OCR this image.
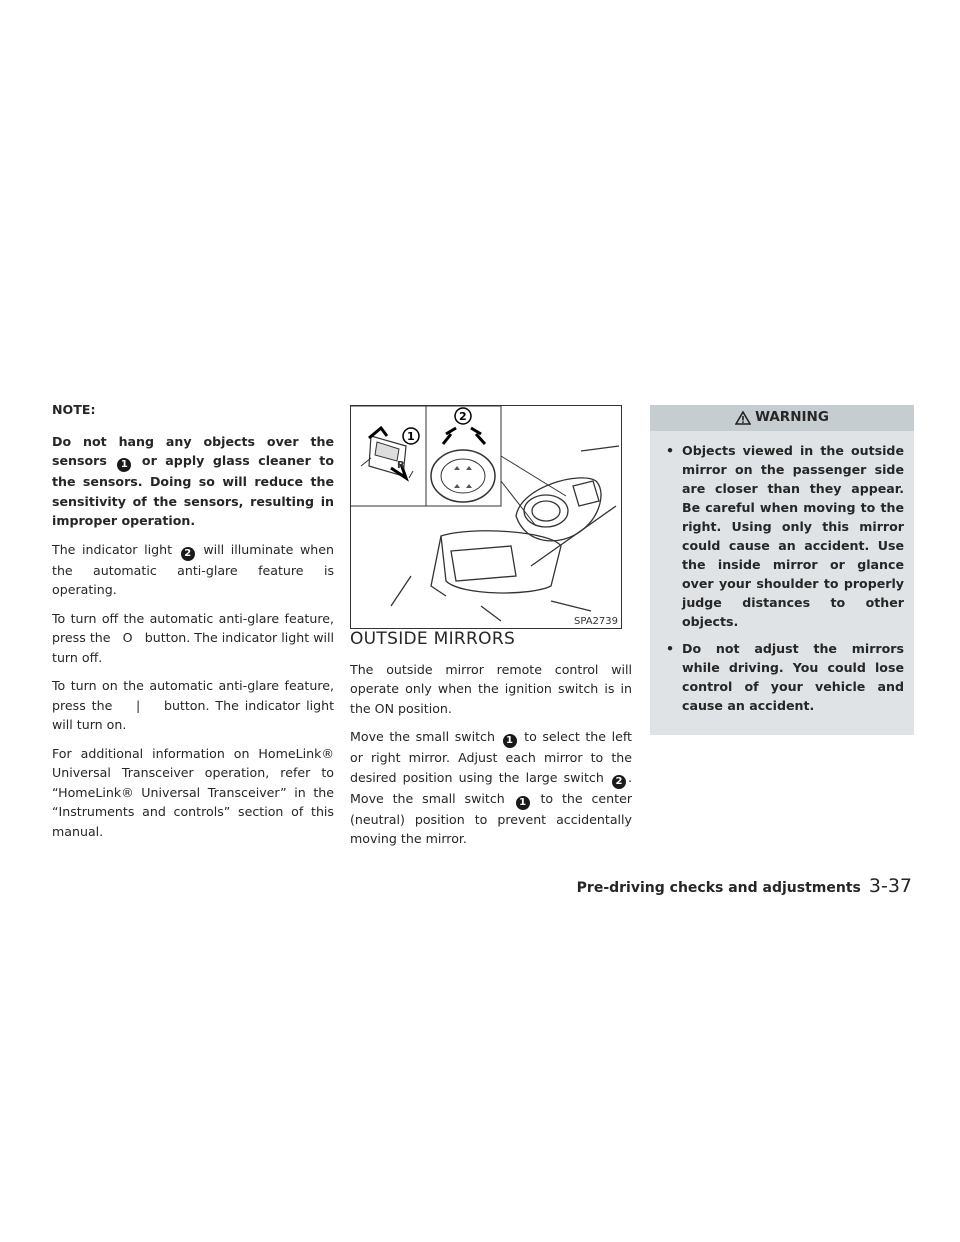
NOTE:

Do not hang any objects over the sensors 1 or apply glass cleaner to the sensors. Doing so will reduce the sensitivity of the sensors, resulting in improper operation.

The indicator light 2 will illuminate when the automatic anti-glare feature is operating.

To turn off the automatic anti-glare feature, press the O button. The indicator light will turn off.

To turn on the automatic anti-glare feature, press the | button. The indicator light will turn on.

For additional information on HomeLink® Universal Transceiver operation, refer to “HomeLink® Universal Transceiver” in the “Instruments and controls” section of this manual.

R
1
2
SPA2739
OUTSIDE MIRRORS

The outside mirror remote control will operate only when the ignition switch is in the ON position.

Move the small switch 1 to select the left or right mirror. Adjust each mirror to the desired position using the large switch 2 . Move the small switch 1 to the center (neutral) position to prevent accidentally moving the mirror.

WARNING
• Objects viewed in the outside mirror on the passenger side are closer than they appear. Be careful when moving to the right. Using only this mirror could cause an accident. Use the inside mirror or glance over your shoulder to properly judge distances to other objects.
• Do not adjust the mirrors while driving. You could lose control of your vehicle and cause an accident.
Pre-driving checks and adjustments 3-37
